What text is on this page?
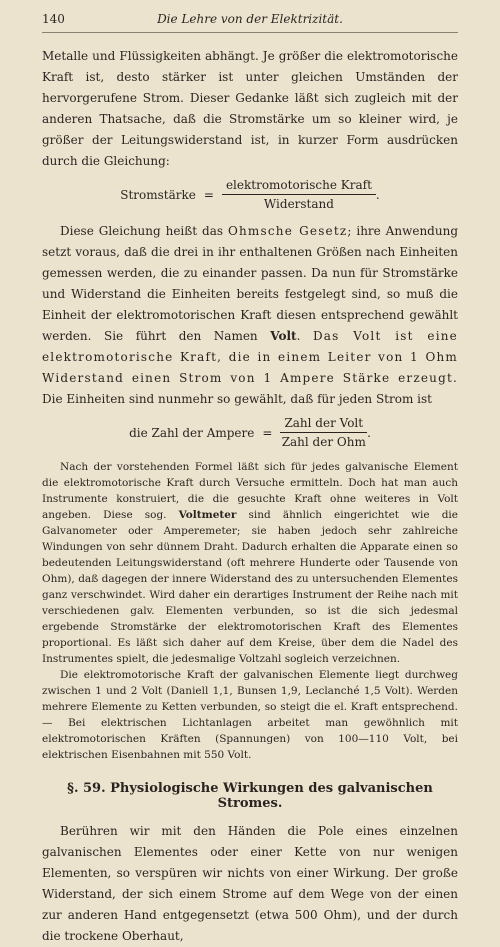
140	Die Lehre von der Elektrizität.

Metalle und Flüssigkeiten abhängt. Je größer die elektromotorische Kraft ist, desto stärker ist unter gleichen Umständen der hervorgerufene Strom. Dieser Gedanke läßt sich zugleich mit der anderen Thatsache, daß die Stromstärke um so kleiner wird, je größer der Leitungswiderstand ist, in kurzer Form ausdrücken durch die Gleichung:

Stromstärke = $\frac{\text{elektromotorische Kraft}}{\text{Widerstand}}$ .

Diese Gleichung heißt das Ohmsche Gesetz; ihre Anwendung setzt voraus, daß die drei in ihr enthaltenen Größen nach Einheiten gemessen werden, die zu einander passen. Da nun für Stromstärke und Widerstand die Einheiten bereits festgelegt sind, so muß die Einheit der elektromotorischen Kraft diesen entsprechend gewählt werden. Sie führt den Namen Volt. Das Volt ist eine elektromotorische Kraft, die in einem Leiter von 1 Ohm Widerstand einen Strom von 1 Ampere Stärke erzeugt. Die Einheiten sind nunmehr so gewählt, daß für jeden Strom ist

die Zahl der Ampere = $\frac{\text{Zahl der Volt}}{\text{Zahl der Ohm}}$ .

Nach der vorstehenden Formel läßt sich für jedes galvanische Element die elektromotorische Kraft durch Versuche ermitteln. Doch hat man auch Instrumente konstruiert, die die gesuchte Kraft ohne weiteres in Volt angeben. Diese sog. Voltmeter sind ähnlich eingerichtet wie die Galvanometer oder Amperemeter; sie haben jedoch sehr zahlreiche Windungen von sehr dünnem Draht. Dadurch erhalten die Apparate einen so bedeutenden Leitungswiderstand (oft mehrere Hunderte oder Tausende von Ohm), daß dagegen der innere Widerstand des zu untersuchenden Elementes ganz verschwindet. Wird daher ein derartiges Instrument der Reihe nach mit verschiedenen galv. Elementen verbunden, so ist die sich jedesmal ergebende Stromstärke der elektromotorischen Kraft des Elementes proportional. Es läßt sich daher auf dem Kreise, über dem die Nadel des Instrumentes spielt, die jedesmalige Voltzahl sogleich verzeichnen.

Die elektromotorische Kraft der galvanischen Elemente liegt durchweg zwischen 1 und 2 Volt (Daniell 1,1, Bunsen 1,9, Leclanché 1,5 Volt). Werden mehrere Elemente zu Ketten verbunden, so steigt die el. Kraft entsprechend. — Bei elektrischen Lichtanlagen arbeitet man gewöhnlich mit elektromotorischen Kräften (Spannungen) von 100—110 Volt, bei elektrischen Eisenbahnen mit 550 Volt.

§. 59. Physiologische Wirkungen des galvanischen Stromes.

Berühren wir mit den Händen die Pole eines einzelnen galvanischen Elementes oder einer Kette von nur wenigen Elementen, so verspüren wir nichts von einer Wirkung. Der große Widerstand, der sich einem Strome auf dem Wege von der einen zur anderen Hand entgegensetzt (etwa 500 Ohm), und der durch die trockene Oberhaut,
